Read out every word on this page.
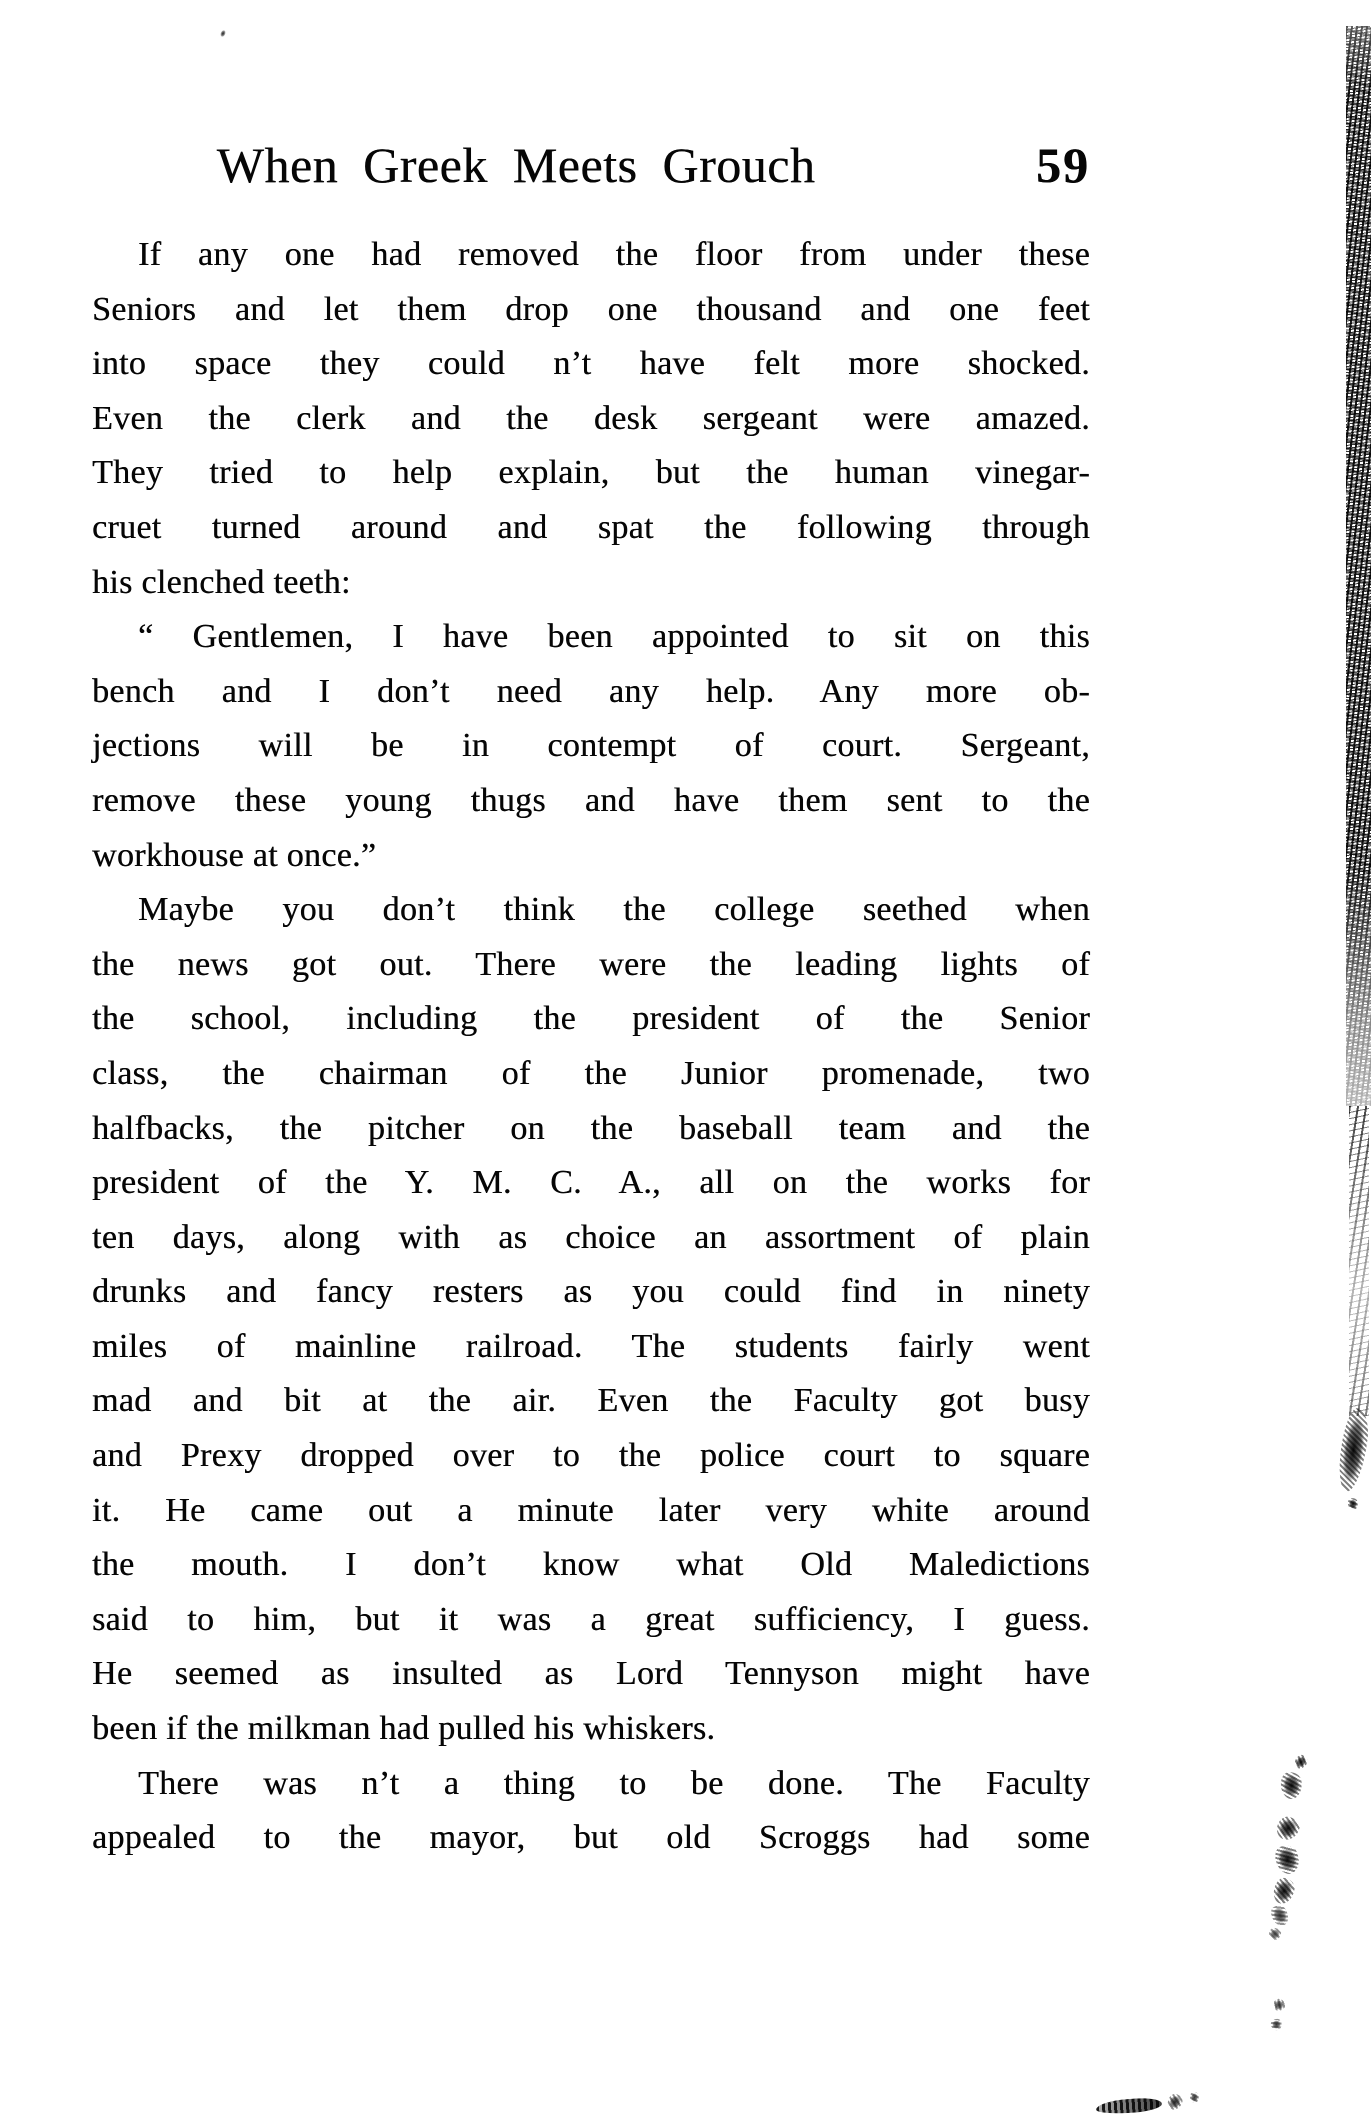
When Greek Meets Grouch	59
If any one had removed the floor from under these
Seniors and let them drop one thousand and one feet
into space they could n’t have felt more shocked.
Even the clerk and the desk sergeant were amazed.
They tried to help explain, but the human vinegar-
cruet turned around and spat the following through
his clenched teeth:
“ Gentlemen, I have been appointed to sit on this
bench and I don’t need any help. Any more ob-
jections will be in contempt of court. Sergeant,
remove these young thugs and have them sent to the
workhouse at once.”
Maybe you don’t think the college seethed when
the news got out. There were the leading lights of
the school, including the president of the Senior
class, the chairman of the Junior promenade, two
halfbacks, the pitcher on the baseball team and the
president of the Y. M. C. A., all on the works for
ten days, along with as choice an assortment of plain
drunks and fancy resters as you could find in ninety
miles of mainline railroad. The students fairly went
mad and bit at the air. Even the Faculty got busy
and Prexy dropped over to the police court to square
it. He came out a minute later very white around
the mouth. I don’t know what Old Maledictions
said to him, but it was a great sufficiency, I guess.
He seemed as insulted as Lord Tennyson might have
been if the milkman had pulled his whiskers.
There was n’t a thing to be done. The Faculty
appealed to the mayor, but old Scroggs had some
